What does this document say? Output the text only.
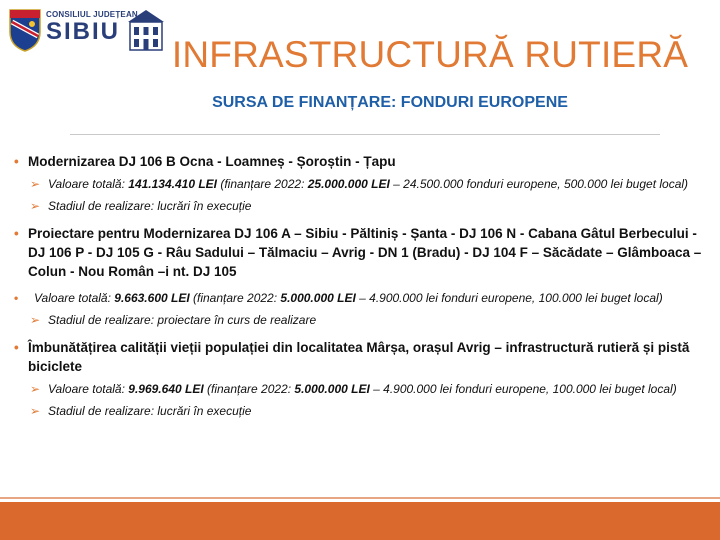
CONSILIUL JUDEȚEAN
SIBIU
INFRASTRUCTURĂ RUTIERĂ
SURSA DE FINANȚARE: FONDURI EUROPENE
• Modernizarea DJ 106 B Ocna - Loamneș - Șoroștin - Țapu
➢ Valoare totală: 141.134.410 LEI (finanțare 2022: 25.000.000 LEI – 24.500.000 fonduri europene, 500.000 lei buget local)
➢ Stadiul de realizare: lucrări în execuție
• Proiectare pentru Modernizarea DJ 106 A – Sibiu - Păltiniș - Șanta - DJ 106 N - Cabana Gâtul Berbecului -DJ 106 P - DJ 105 G - Râu Sadului – Tălmaciu – Avrig - DN 1 (Bradu) - DJ 104 F – Săcădate – Glâmboaca – Colun - Nou Român –i nt. DJ 105
• Valoare totală: 9.663.600 LEI (finanțare 2022: 5.000.000 LEI – 4.900.000 lei fonduri europene, 100.000 lei buget local)
➢ Stadiul de realizare: proiectare în curs de realizare
• Îmbunătățirea calității vieții populației din localitatea Mârșa, orașul Avrig – infrastructură rutieră și pistă biciclete
➢ Valoare totală: 9.969.640 LEI (finanțare 2022: 5.000.000 LEI – 4.900.000 lei fonduri europene, 100.000 lei buget local)
➢ Stadiul de realizare: lucrări în execuție
